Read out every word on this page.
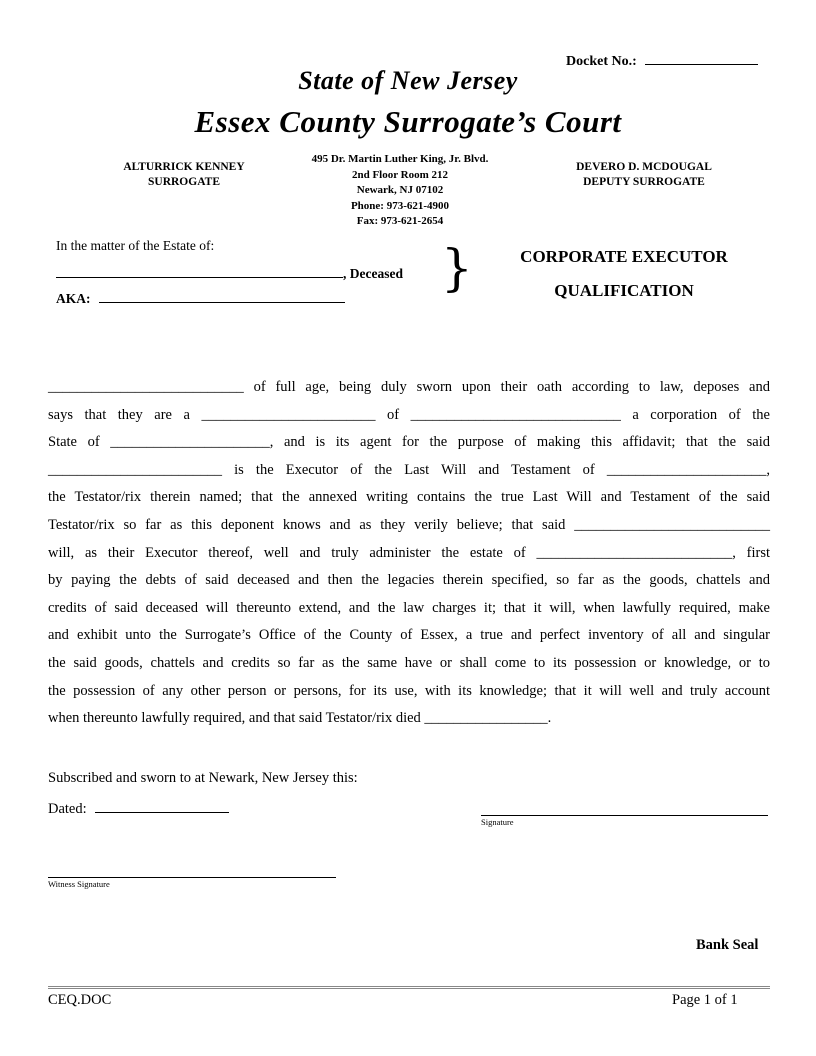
Docket No.:
State of New Jersey
Essex County Surrogate’s Court
ALTURRICK KENNEY
SURROGATE
495 Dr. Martin Luther King, Jr. Blvd.
2nd Floor Room 212
Newark, NJ 07102
Phone: 973-621-4900
Fax: 973-621-2654
DEVERO D. MCDOUGAL
DEPUTY SURROGATE
In the matter of the Estate of:
, Deceased
AKA:
}	CORPORATE EXECUTOR
QUALIFICATION
___________________________ of full age, being duly sworn upon their oath according to law, deposes and
says that they are a ________________________ of _____________________________ a corporation of the
State of ______________________, and is its agent for the purpose of making this affidavit; that the said
________________________ is the Executor of the Last Will and Testament of ______________________,
the Testator/rix therein named; that the annexed writing contains the true Last Will and Testament of the said
Testator/rix so far as this deponent knows and as they verily believe; that said ___________________________
will, as their Executor thereof, well and truly administer the estate of ___________________________, first
by paying the debts of said deceased and then the legacies therein specified, so far as the goods, chattels and
credits of said deceased will thereunto extend, and the law charges it; that it will, when lawfully required, make
and exhibit unto the Surrogate’s Office of the County of Essex, a true and perfect inventory of all and singular
the said goods, chattels and credits so far as the same have or shall come to its possession or knowledge, or to
the possession of any other person or persons, for its use, with its knowledge; that it will well and truly account
when thereunto lawfully required, and that said Testator/rix died _________________.
Subscribed and sworn to at Newark, New Jersey this:
Dated:
Signature
Witness Signature
Bank Seal
CEQ.DOC	Page 1 of 1
